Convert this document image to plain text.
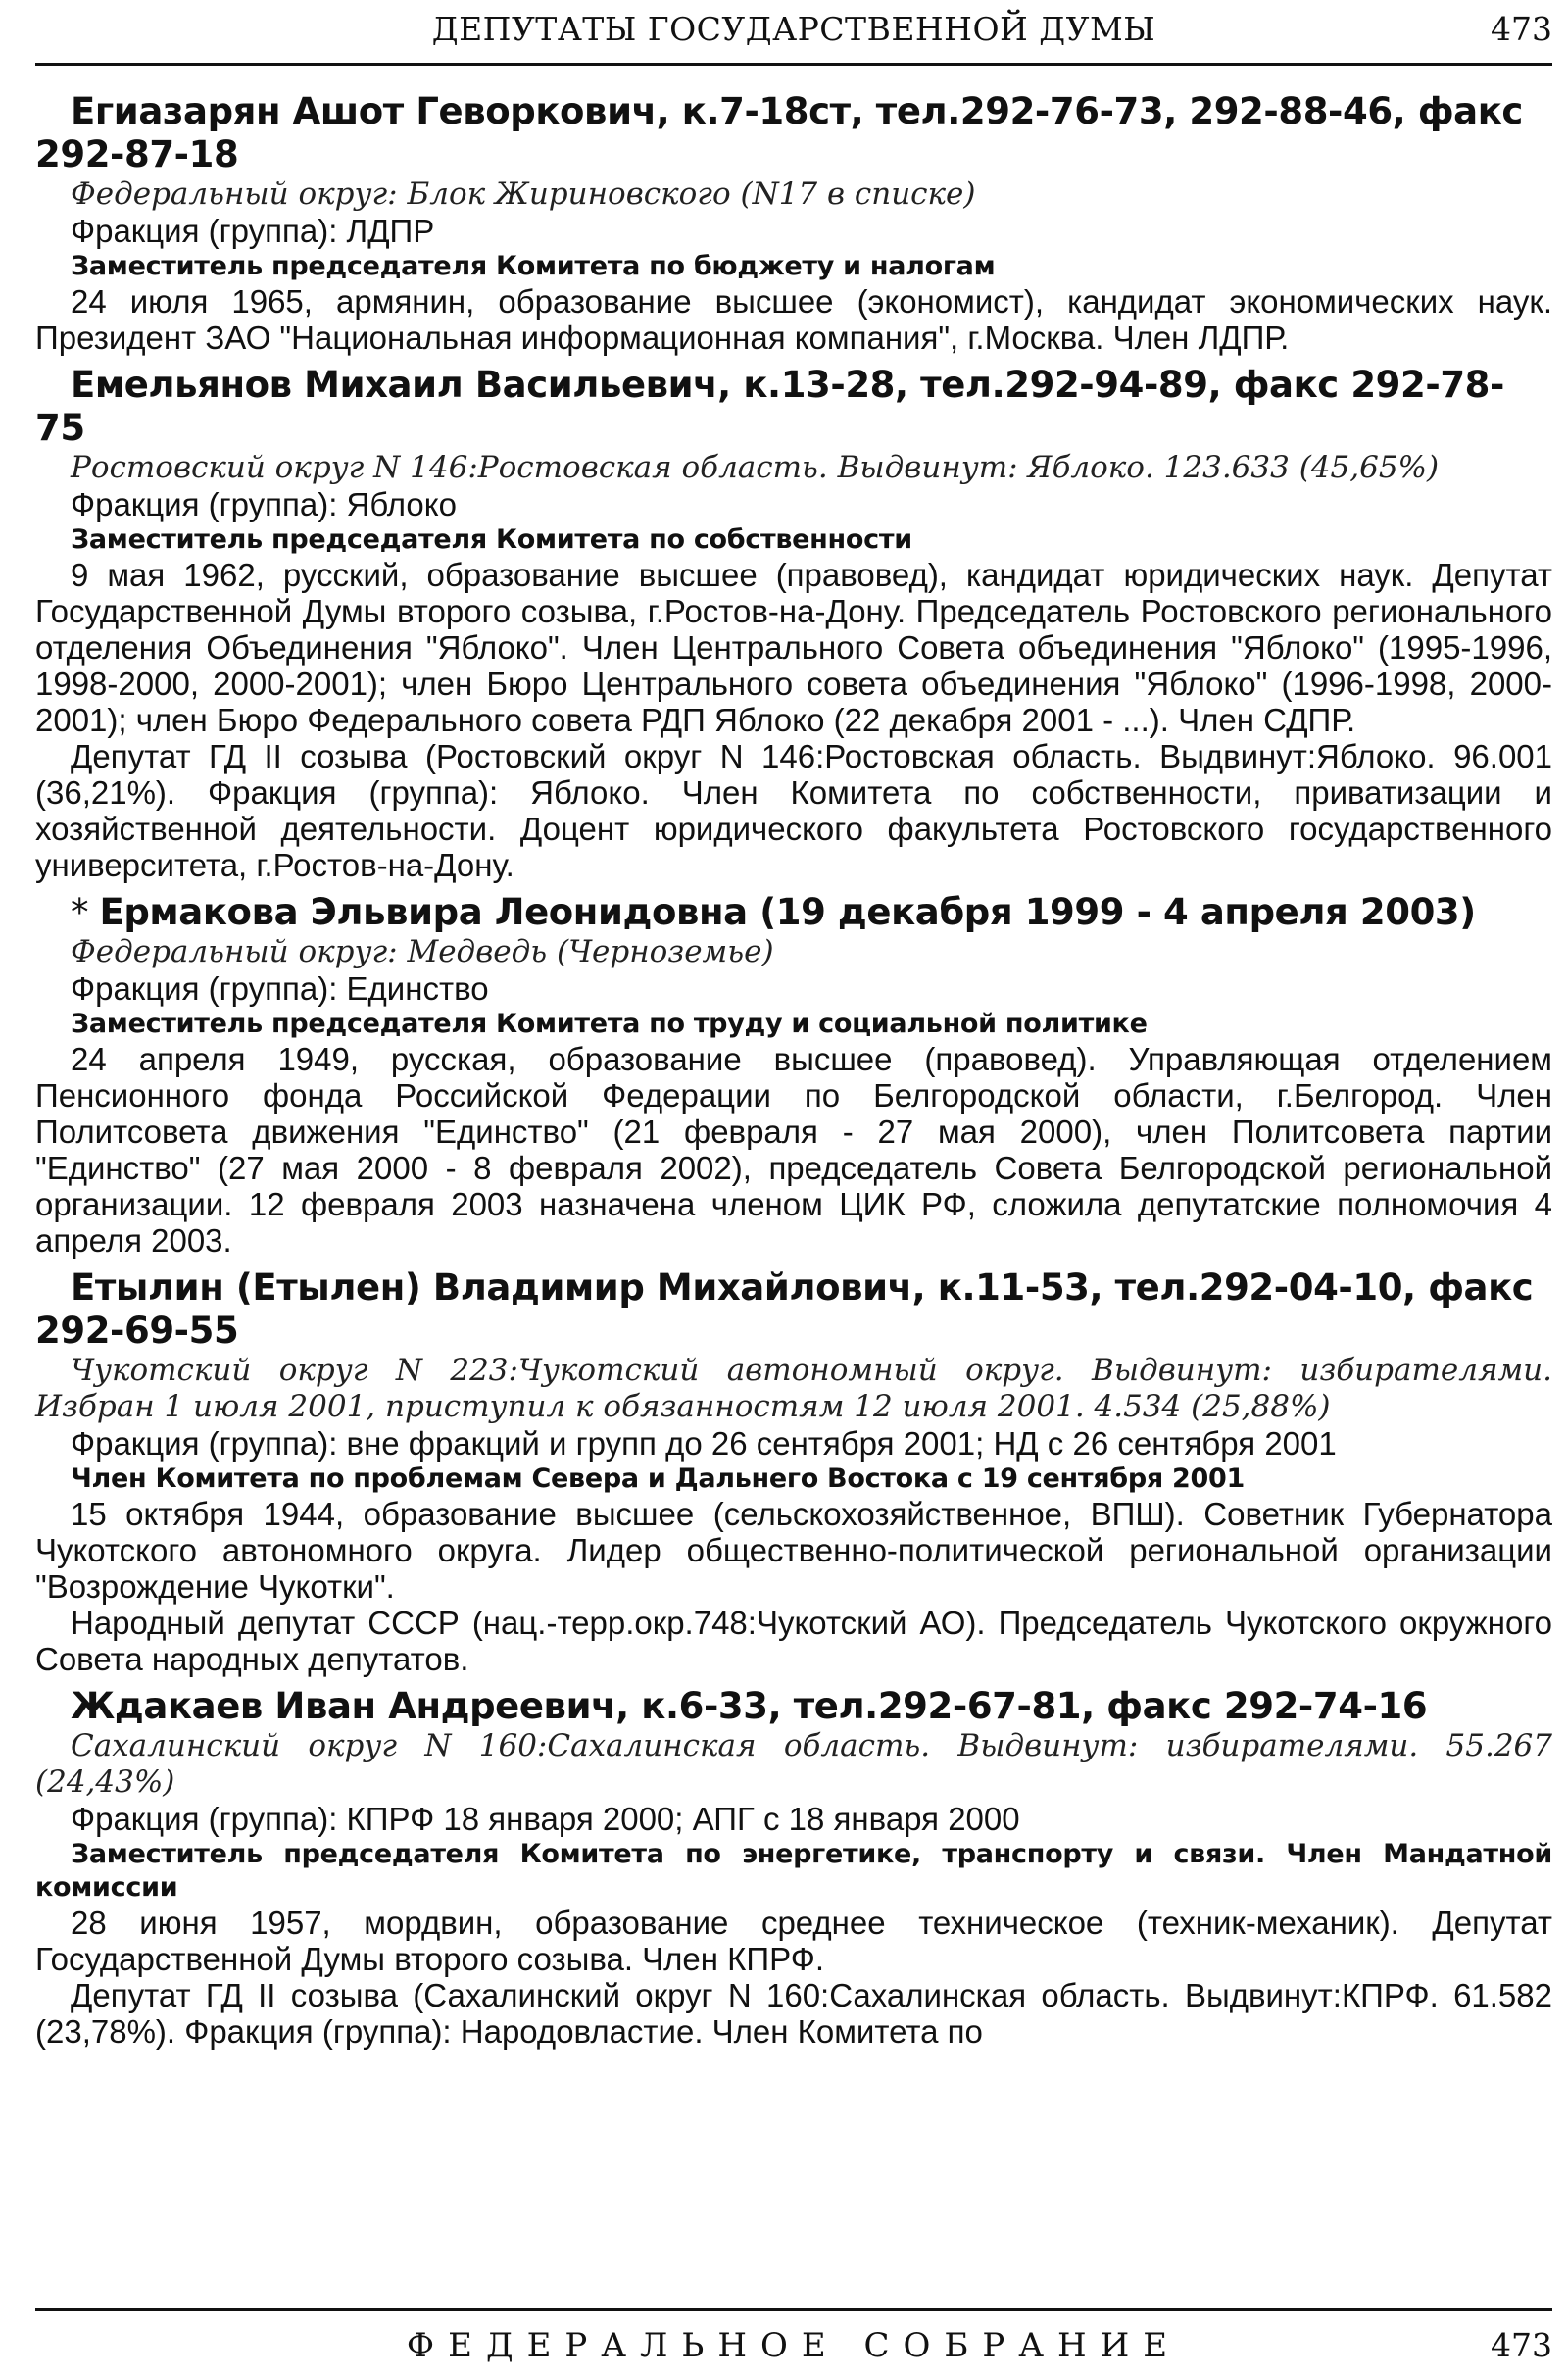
ДЕПУТАТЫ ГОСУДАРСТВЕННОЙ ДУМЫ	473

Егиазарян Ашот Геворкович, к.7-18ст, тел.292-76-73, 292-88-46, факс 292-87-18

Федеральный округ: Блок Жириновского (N17 в списке)

Фракция (группа): ЛДПР

Заместитель председателя Комитета по бюджету и налогам

24 июля 1965, армянин, образование высшее (экономист), кандидат экономических наук. Президент ЗАО "Национальная информационная компания", г.Москва. Член ЛДПР.

Емельянов Михаил Васильевич, к.13-28, тел.292-94-89, факс 292-78-75

Ростовский округ N 146:Ростовская область. Выдвинут: Яблоко. 123.633 (45,65%)

Фракция (группа): Яблоко

Заместитель председателя Комитета по собственности

9 мая 1962, русский, образование высшее (правовед), кандидат юридических наук. Депутат Государственной Думы второго созыва, г.Ростов-на-Дону. Председатель Ростовского регионального отделения Объединения "Яблоко". Член Центрального Совета объединения "Яблоко" (1995-1996, 1998-2000, 2000-2001); член Бюро Центрального совета объединения "Яблоко" (1996-1998, 2000-2001); член Бюро Федерального совета РДП Яблоко (22 декабря 2001 - ...). Член СДПР.

Депутат ГД II созыва (Ростовский округ N 146:Ростовская область. Выдвинут:Яблоко. 96.001 (36,21%). Фракция (группа): Яблоко. Член Комитета по собственности, приватизации и хозяйственной деятельности. Доцент юридического факультета Ростовского государственного университета, г.Ростов-на-Дону.

* Ермакова Эльвира Леонидовна (19 декабря 1999 - 4 апреля 2003)

Федеральный округ: Медведь (Черноземье)

Фракция (группа): Единство

Заместитель председателя Комитета по труду и социальной политике

24 апреля 1949, русская, образование высшее (правовед). Управляющая отделением Пенсионного фонда Российской Федерации по Белгородской области, г.Белгород. Член Политсовета движения "Единство" (21 февраля - 27 мая 2000), член Политсовета партии "Единство" (27 мая 2000 - 8 февраля 2002), председатель Совета Белгородской региональной организации. 12 февраля 2003 назначена членом ЦИК РФ, сложила депутатские полномочия 4 апреля 2003.

Етылин (Етылен) Владимир Михайлович, к.11-53, тел.292-04-10, факс 292-69-55

Чукотский округ N 223:Чукотский автономный округ. Выдвинут: избирателями. Избран 1 июля 2001, приступил к обязанностям 12 июля 2001. 4.534 (25,88%)

Фракция (группа): вне фракций и групп до 26 сентября 2001; НД с 26 сентября 2001

Член Комитета по проблемам Севера и Дальнего Востока с 19 сентября 2001

15 октября 1944, образование высшее (сельскохозяйственное, ВПШ). Советник Губернатора Чукотского автономного округа. Лидер общественно-политической региональной организации "Возрождение Чукотки".

Народный депутат СССР (нац.-терр.окр.748:Чукотский АО). Председатель Чукотского окружного Совета народных депутатов.

Ждакаев Иван Андреевич, к.6-33, тел.292-67-81, факс 292-74-16

Сахалинский округ N 160:Сахалинская область. Выдвинут: избирателями. 55.267 (24,43%)

Фракция (группа): КПРФ 18 января 2000; АПГ с 18 января 2000

Заместитель председателя Комитета по энергетике, транспорту и связи. Член Мандатной комиссии

28 июня 1957, мордвин, образование среднее техническое (техник-механик). Депутат Государственной Думы второго созыва. Член КПРФ.

Депутат ГД II созыва (Сахалинский округ N 160:Сахалинская область. Выдвинут:КПРФ. 61.582 (23,78%). Фракция (группа): Народовластие. Член Комитета по

ФЕДЕРАЛЬНОЕ СОБРАНИЕ	473
